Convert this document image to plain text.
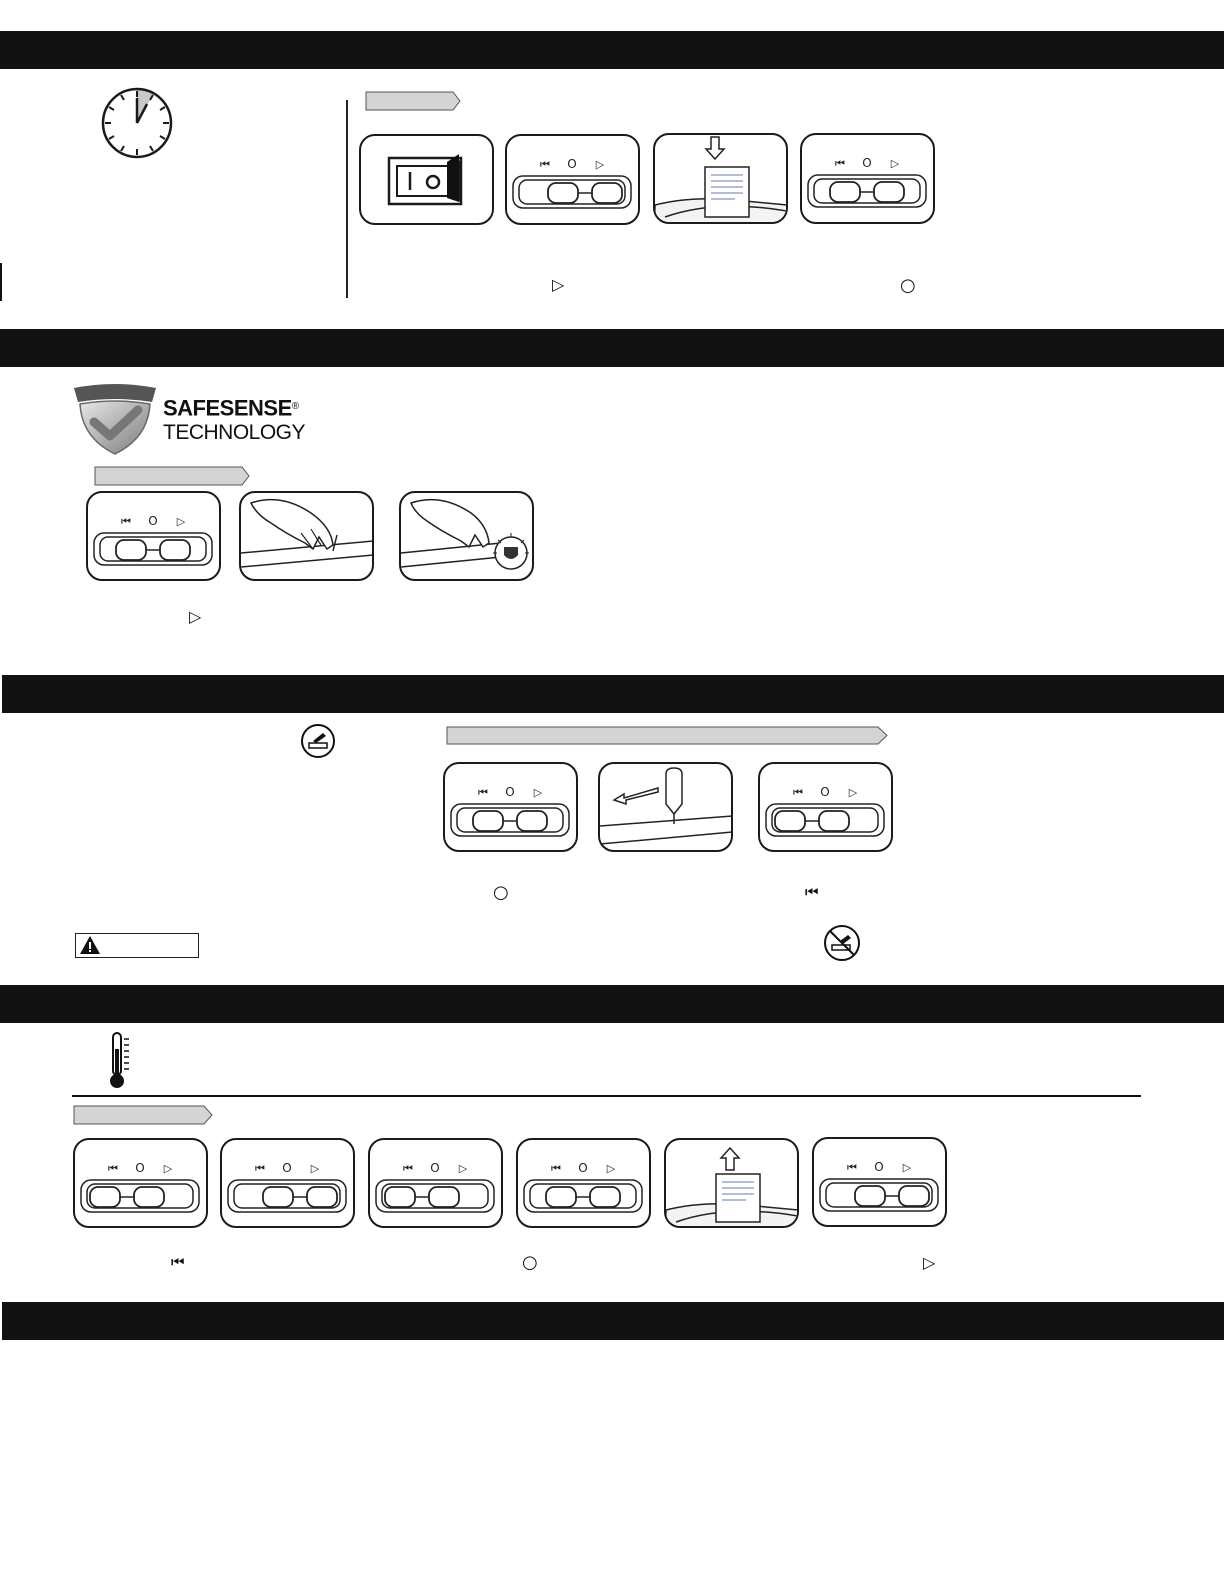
⏮ O ▷	⏮ O ▷
▷	○
SAFESENSE®
TECHNOLOGY
⏮ O ▷
▷
⏮ O ▷	⏮ O ▷
○	⏮
⏮ O ▷	⏮ O ▷	⏮ O ▷	⏮ O ▷	⏮ O ▷
⏮	○	▷
